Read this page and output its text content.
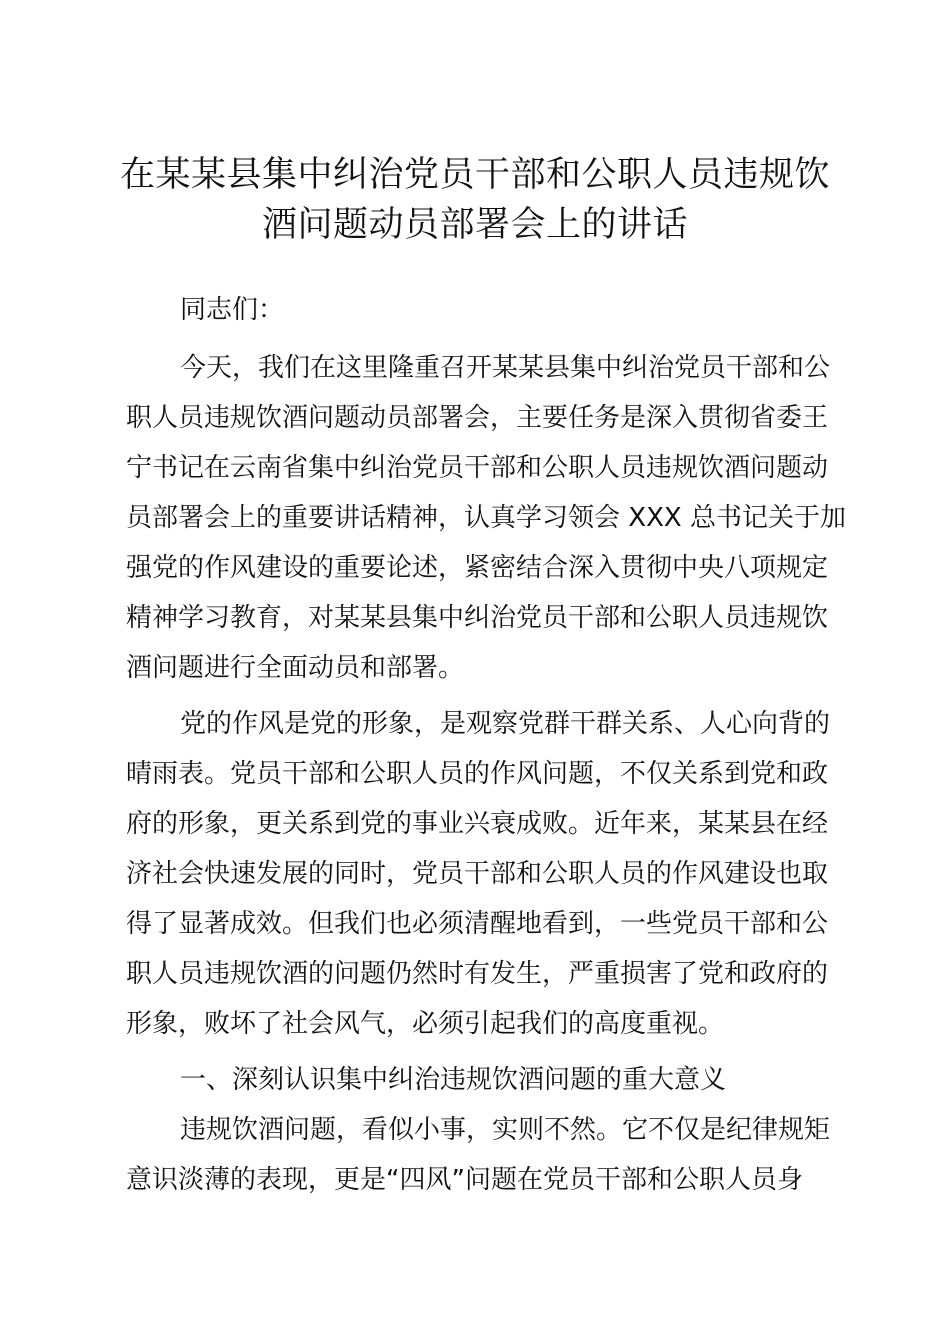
在某某县集中纠治党员干部和公职人员违规饮
酒问题动员部署会上的讲话
同志们：
今天，我们在这里隆重召开某某县集中纠治党员干部和公
职人员违规饮酒问题动员部署会，主要任务是深入贯彻省委王
宁书记在云南省集中纠治党员干部和公职人员违规饮酒问题动
员部署会上的重要讲话精神，认真学习领会 XXX 总书记关于加
强党的作风建设的重要论述，紧密结合深入贯彻中央八项规定
精神学习教育，对某某县集中纠治党员干部和公职人员违规饮
酒问题进行全面动员和部署。
党的作风是党的形象，是观察党群干群关系、人心向背的
晴雨表。党员干部和公职人员的作风问题，不仅关系到党和政
府的形象，更关系到党的事业兴衰成败。近年来，某某县在经
济社会快速发展的同时，党员干部和公职人员的作风建设也取
得了显著成效。但我们也必须清醒地看到，一些党员干部和公
职人员违规饮酒的问题仍然时有发生，严重损害了党和政府的
形象，败坏了社会风气，必须引起我们的高度重视。
一、深刻认识集中纠治违规饮酒问题的重大意义
违规饮酒问题，看似小事，实则不然。它不仅是纪律规矩
意识淡薄的表现，更是“四风”问题在党员干部和公职人员身
